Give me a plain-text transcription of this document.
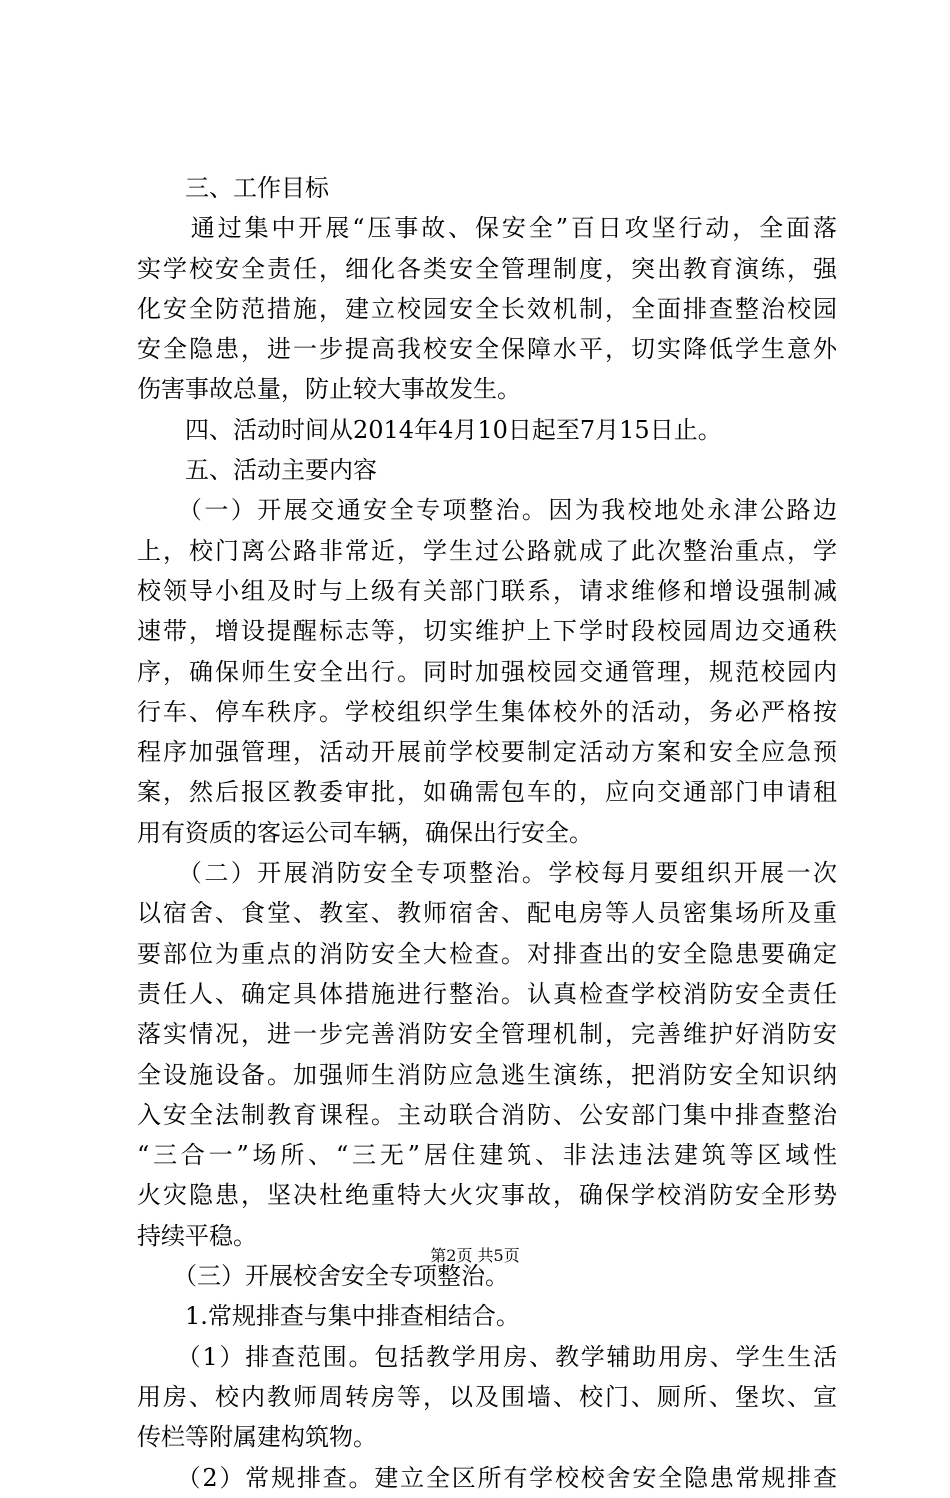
　　三、工作目标
　　通过集中开展“压事故、保安全”百日攻坚行动，全面落
实学校安全责任，细化各类安全管理制度，突出教育演练，强
化安全防范措施，建立校园安全长效机制，全面排查整治校园
安全隐患，进一步提高我校安全保障水平，切实降低学生意外
伤害事故总量，防止较大事故发生。
　　四、活动时间从2014年4月10日起至7月15日止。
　　五、活动主要内容
　　（一）开展交通安全专项整治。因为我校地处永津公路边
上，校门离公路非常近，学生过公路就成了此次整治重点，学
校领导小组及时与上级有关部门联系，请求维修和增设强制减
速带，增设提醒标志等，切实维护上下学时段校园周边交通秩
序，确保师生安全出行。同时加强校园交通管理，规范校园内
行车、停车秩序。学校组织学生集体校外的活动，务必严格按
程序加强管理，活动开展前学校要制定活动方案和安全应急预
案，然后报区教委审批，如确需包车的，应向交通部门申请租
用有资质的客运公司车辆，确保出行安全。
　　（二）开展消防安全专项整治。学校每月要组织开展一次
以宿舍、食堂、教室、教师宿舍、配电房等人员密集场所及重
要部位为重点的消防安全大检查。对排查出的安全隐患要确定
责任人、确定具体措施进行整治。认真检查学校消防安全责任
落实情况，进一步完善消防安全管理机制，完善维护好消防安
全设施设备。加强师生消防应急逃生演练，把消防安全知识纳
入安全法制教育课程。主动联合消防、公安部门集中排查整治
“三合一”场所、“三无”居住建筑、非法违法建筑等区域性
火灾隐患，坚决杜绝重特大火灾事故，确保学校消防安全形势
持续平稳。
　　（三）开展校舍安全专项整治。
　　1.常规排查与集中排查相结合。
　　（1）排查范围。包括教学用房、教学辅助用房、学生生活
用房、校内教师周转房等，以及围墙、校门、厕所、堡坎、宣
传栏等附属建构筑物。
　　（2）常规排查。建立全区所有学校校舍安全隐患常规排查
第2页 共5页
